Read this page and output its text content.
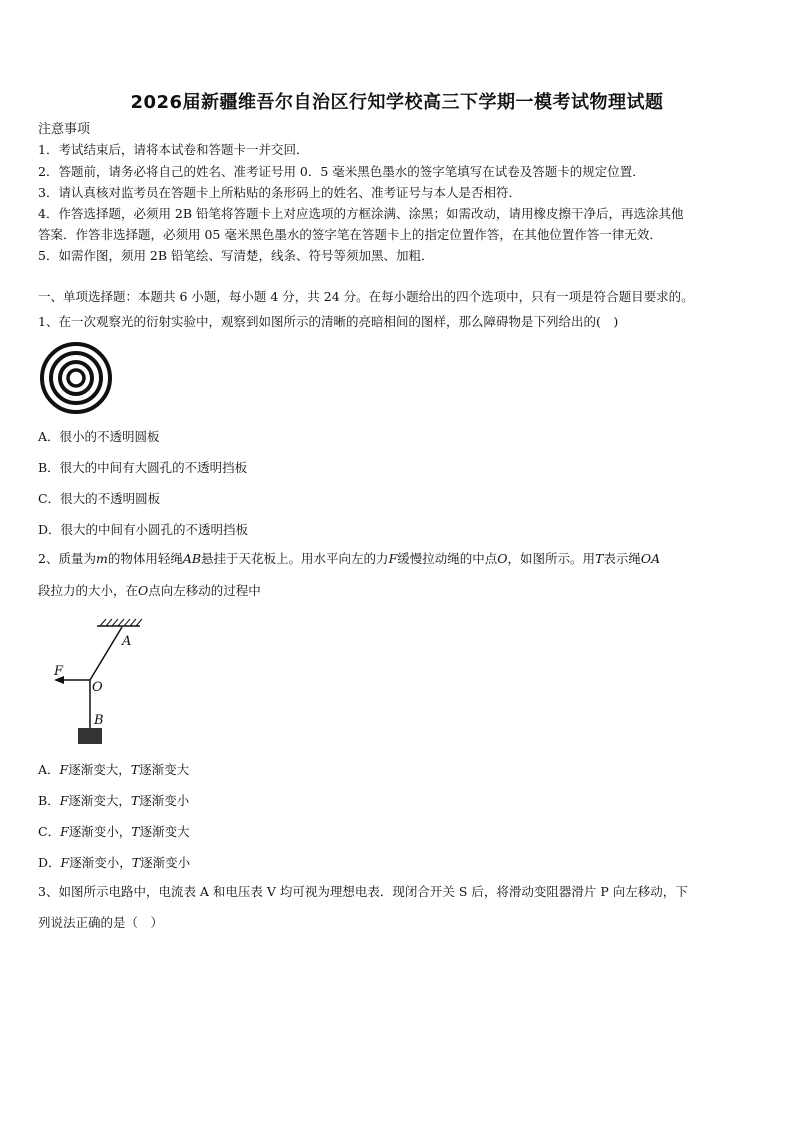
2026届新疆维吾尔自治区行知学校高三下学期一模考试物理试题
注意事项
1．考试结束后，请将本试卷和答题卡一并交回．
2．答题前，请务必将自己的姓名、准考证号用 0．5 毫米黑色墨水的签字笔填写在试卷及答题卡的规定位置．
3．请认真核对监考员在答题卡上所粘贴的条形码上的姓名、准考证号与本人是否相符．
4．作答选择题，必须用 2B 铅笔将答题卡上对应选项的方框涂满、涂黑；如需改动，请用橡皮擦干净后，再选涂其他
答案．作答非选择题，必须用 05 毫米黑色墨水的签字笔在答题卡上的指定位置作答，在其他位置作答一律无效．
5．如需作图，须用 2B 铅笔绘、写清楚，线条、符号等须加黑、加粗．
一、单项选择题：本题共 6 小题，每小题 4 分，共 24 分。在每小题给出的四个选项中，只有一项是符合题目要求的。
1、在一次观察光的衍射实验中，观察到如图所示的清晰的亮暗相间的图样，那么障碍物是下列给出的(　)
A．很小的不透明圆板
B．很大的中间有大圆孔的不透明挡板
C．很大的不透明圆板
D．很大的中间有小圆孔的不透明挡板
2、质量为m的物体用轻绳AB悬挂于天花板上。用水平向左的力F缓慢拉动绳的中点O，如图所示。用T表示绳OA
段拉力的大小，在O点向左移动的过程中
A
F
O
B
A．F逐渐变大，T逐渐变大
B．F逐渐变大，T逐渐变小
C．F逐渐变小，T逐渐变大
D．F逐渐变小，T逐渐变小
3、如图所示电路中，电流表 A 和电压表 V 均可视为理想电表．现闭合开关 S 后，将滑动变阻器滑片 P 向左移动，下
列说法正确的是（　）
